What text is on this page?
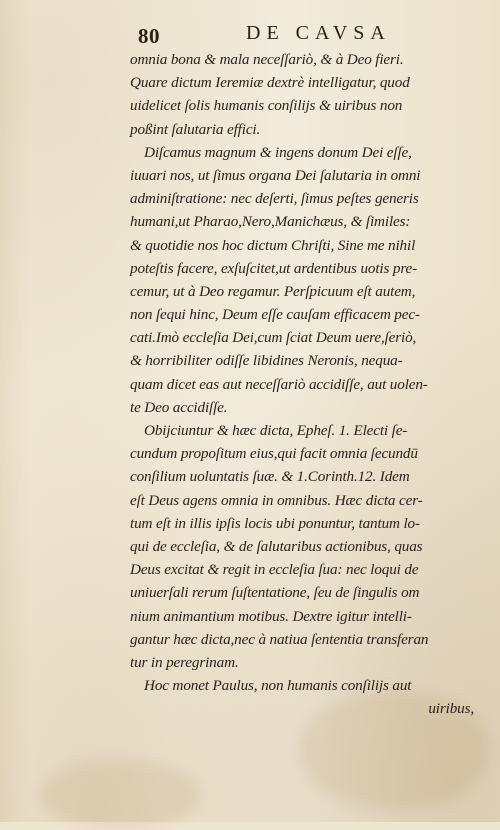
80	DE CAVSA
omnia bona & mala neceſſariò, & à Deo fieri.
Quare dictum Ieremiæ dextrè intelligatur, quod
uidelicet ſolis humanis conſilijs & uiribus non
poßint ſalutaria effici.
Diſcamus magnum & ingens donum Dei eſſe,
iuuari nos, ut ſimus organa Dei ſalutaria in omni
adminiſtratione: nec deſerti, ſimus peſtes generis
humani,ut Pharao,Nero,Manichæus, & ſimiles:
& quotidie nos hoc dictum Chriſti, Sine me nihil
poteſtis facere, exſuſcitet,ut ardentibus uotis pre-
cemur, ut à Deo regamur. Perſpicuum eſt autem,
non ſequi hinc, Deum eſſe cauſam efficacem pec-
cati.Imò eccleſia Dei,cum ſciat Deum uere,ſeriò,
& horribiliter odiſſe libidines Neronis, nequa-
quam dicet eas aut neceſſariò accidiſſe, aut uolen-
te Deo accidiſſe.
Obijciuntur & hæc dicta, Epheſ. 1. Electi ſe-
cundum propoſitum eius,qui facit omnia ſecundū
conſilium uoluntatis ſuæ. & 1.Corinth.12. Idem
eſt Deus agens omnia in omnibus. Hæc dicta cer-
tum eſt in illis ipſis locis ubi ponuntur, tantum lo-
qui de eccleſia, & de ſalutaribus actionibus, quas
Deus excitat & regit in eccleſia ſua: nec loqui de
uniuerſali rerum ſuſtentatione, ſeu de ſingulis om
nium animantium motibus. Dextre igitur intelli-
gantur hæc dicta,nec à natiua ſententia transferan
tur in peregrinam.
Hoc monet Paulus, non humanis conſilijs aut
uiribus,
